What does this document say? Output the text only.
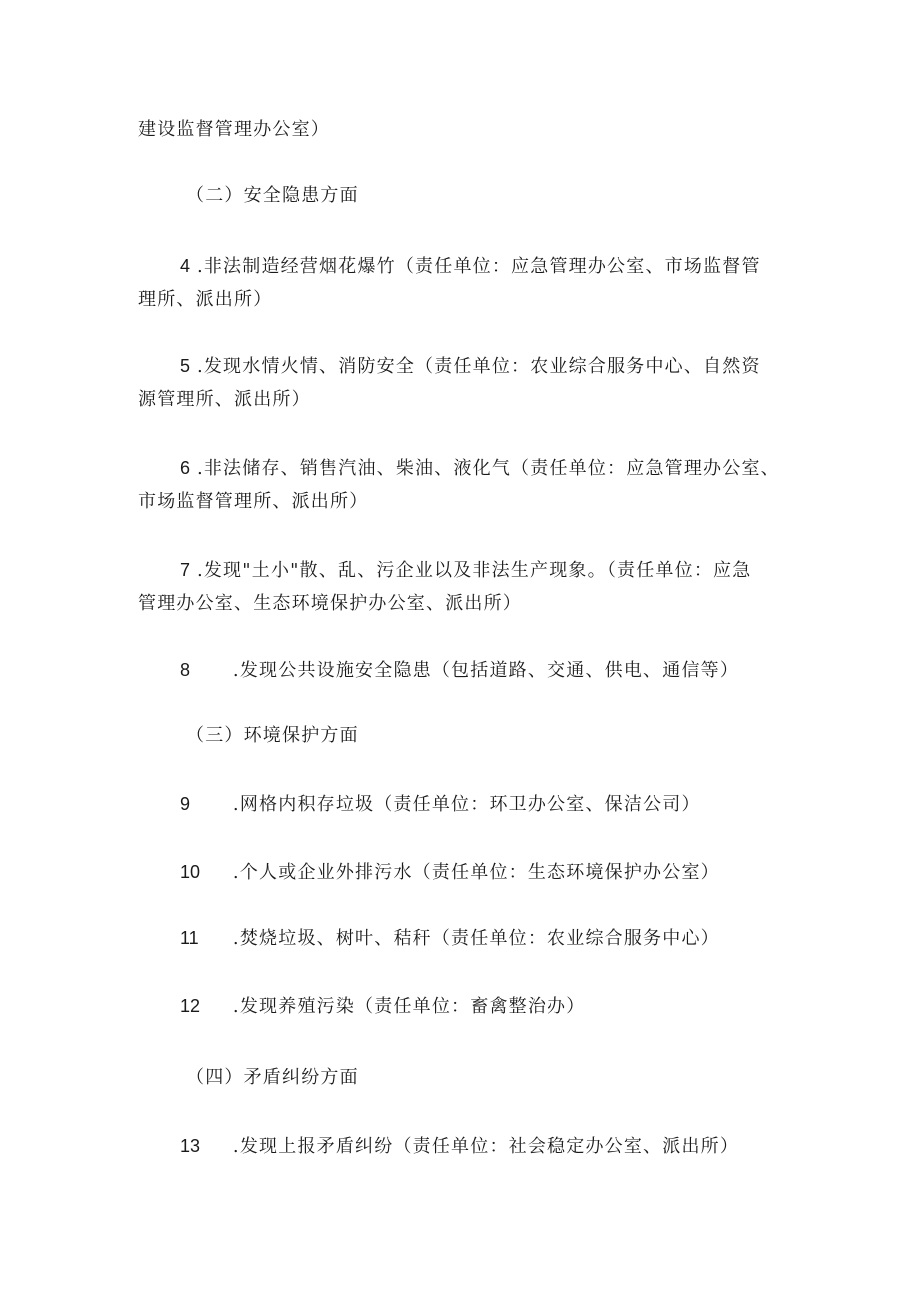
建设监督管理办公室）
（二）安全隐患方面
4 .非法制造经营烟花爆竹（责任单位：应急管理办公室、市场监督管
理所、派出所）
5 .发现水情火情、消防安全（责任单位：农业综合服务中心、自然资
源管理所、派出所）
6 .非法储存、销售汽油、柴油、液化气（责任单位：应急管理办公室、
市场监督管理所、派出所）
7 .发现"土小"散、乱、污企业以及非法生产现象。（责任单位：应急
管理办公室、生态环境保护办公室、派出所）
8 .发现公共设施安全隐患（包括道路、交通、供电、通信等）
（三）环境保护方面
9 .网格内积存垃圾（责任单位：环卫办公室、保洁公司）
10 .个人或企业外排污水（责任单位：生态环境保护办公室）
11 .焚烧垃圾、树叶、秸秆（责任单位：农业综合服务中心）
12 .发现养殖污染（责任单位：畜禽整治办）
（四）矛盾纠纷方面
13 .发现上报矛盾纠纷（责任单位：社会稳定办公室、派出所）
